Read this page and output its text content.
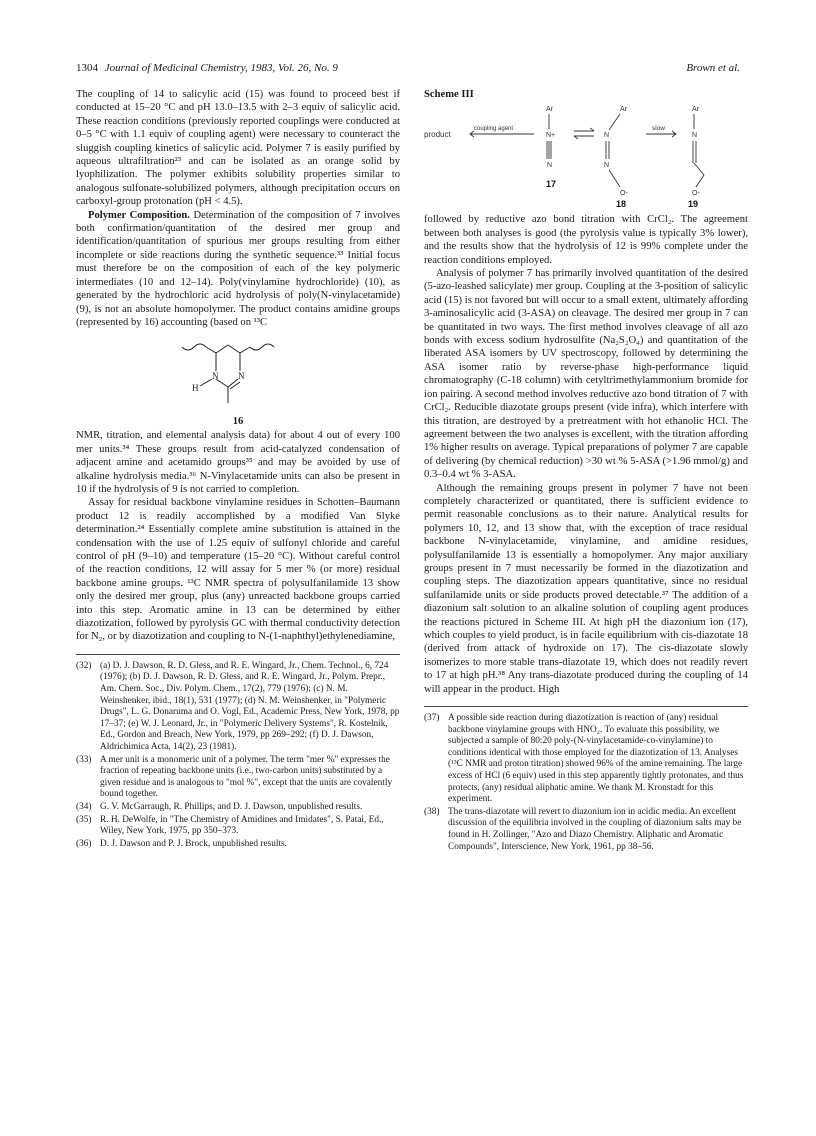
1304 Journal of Medicinal Chemistry, 1983, Vol. 26, No. 9	Brown et al.

The coupling of 14 to salicylic acid (15) was found to proceed best if conducted at 15–20 °C and pH 13.0–13.5 with 2–3 equiv of salicylic acid. These reaction conditions (previously reported couplings were conducted at 0–5 °C with 1.1 equiv of coupling agent) were necessary to counteract the sluggish coupling kinetics of salicylic acid. Polymer 7 is easily purified by aqueous ultrafiltration²³ and can be isolated as an orange solid by lyophilization. The polymer exhibits solubility properties similar to analogous sulfonate-solubilized polymers, although precipitation occurs on carboxyl-group protonation (pH < 4.5).

Polymer Composition. Determination of the composition of 7 involves both confirmation/quantitation of the desired mer group and identification/quantitation of spurious mer groups resulting from either incomplete or side reactions during the synthetic sequence.³³ Initial focus must therefore be on the composition of each of the key polymeric intermediates (10 and 12–14). Poly(vinylamine hydrochloride) (10), as generated by the hydrochloric acid hydrolysis of poly(N-vinylacetamide) (9), is not an absolute homopolymer. The product contains amidine groups (represented by 16) accounting (based on ¹³C

N N
H
16

NMR, titration, and elemental analysis data) for about 4 out of every 100 mer units.³⁴ These groups result from acid-catalyzed condensation of adjacent amine and acetamido groups³⁵ and may be avoided by use of alkaline hydrolysis media.³⁶ N-Vinylacetamide units can also be present in 10 if the hydrolysis of 9 is not carried to completion.

Assay for residual backbone vinylamine residues in Schotten–Baumann product 12 is readily accomplished by a modified Van Slyke determination.²⁴ Essentially complete amine substitution is attained in the condensation with the use of 1.25 equiv of sulfonyl chloride and careful control of pH (9–10) and temperature (15–20 °C). Without careful control of the reaction conditions, 12 will assay for 5 mer % (or more) residual backbone amine groups. ¹³C NMR spectra of polysulfanilamide 13 show only the desired mer group, plus (any) unreacted backbone groups carried into this step. Aromatic amine in 13 can be determined by either diazotization, followed by pyrolysis GC with thermal conductivity detection for N₂, or by diazotization and coupling to N-(1-naphthyl)ethylenediamine,

(32) (a) D. J. Dawson, R. D. Gless, and R. E. Wingard, Jr., Chem. Technol., 6, 724 (1976); (b) D. J. Dawson, R. D. Gless, and R. E. Wingard, Jr., Polym. Prepr., Am. Chem. Soc., Div. Polym. Chem., 17(2), 779 (1976); (c) N. M. Weinshenker, ibid., 18(1), 531 (1977); (d) N. M. Weinshenker, in "Polymeric Drugs", L. G. Donaruma and O. Vogl, Ed., Academic Press, New York, 1978, pp 17–37; (e) W. J. Leonard, Jr., in "Polymeric Delivery Systems", R. Kostelnik, Ed., Gordon and Breach, New York, 1979, pp 269–292; (f) D. J. Dawson, Aldrichimica Acta, 14(2), 23 (1981).
(33) A mer unit is a monomeric unit of a polymer. The term "mer %" expresses the fraction of repeating backbone units (i.e., two-carbon units) substituted by a given residue and is analogous to "mol %", except that the units are covalently bound together.
(34) G. V. McGarraugh, R. Phillips, and D. J. Dawson, unpublished results.
(35) R. H. DeWolfe, in "The Chemistry of Amidines and Imidates", S. Patai, Ed., Wiley, New York, 1975, pp 350–373.
(36) D. J. Dawson and P. J. Brock, unpublished results.
Scheme III
product
coupling agent	slow
Ar
N+
N
Ar
N
N
O-
Ar
N
O-
17
18	19

followed by reductive azo bond titration with CrCl₂. The agreement between both analyses is good (the pyrolysis value is typically 3% lower), and the results show that the hydrolysis of 12 is 99% complete under the reaction conditions employed.

Analysis of polymer 7 has primarily involved quantitation of the desired (5-azo-leashed salicylate) mer group. Coupling at the 3-position of salicylic acid (15) is not favored but will occur to a small extent, ultimately affording 3-aminosalicylic acid (3-ASA) on cleavage. The desired mer group in 7 can be quantitated in two ways. The first method involves cleavage of all azo bonds with excess sodium hydrosulfite (Na₂S₂O₄) and quantitation of the liberated ASA isomers by UV spectroscopy, followed by determining the ASA isomer ratio by reverse-phase high-performance liquid chromatography (C-18 column) with cetyltrimethylammonium bromide for ion pairing. A second method involves reductive azo bond titration of 7 with CrCl₂. Reducible diazotate groups present (vide infra), which interfere with this titration, are destroyed by a pretreatment with hot ethanolic HCl. The agreement between the two analyses is excellent, with the titration affording 1% higher results on average. Typical preparations of polymer 7 are capable of delivering (by chemical reduction) >30 wt % 5-ASA (>1.96 mmol/g) and 0.3–0.4 wt % 3-ASA.

Although the remaining groups present in polymer 7 have not been completely characterized or quantitated, there is sufficient evidence to permit reasonable conclusions as to their nature. Analytical results for polymers 10, 12, and 13 show that, with the exception of trace residual backbone N-vinylacetamide, vinylamine, and amidine residues, polysulfanilamide 13 is essentially a homopolymer. Any major auxiliary groups present in 7 must necessarily be formed in the diazotization and coupling steps. The diazotization appears quantitative, since no residual sulfanilamide units or side products proved detectable.³⁷ The addition of a diazonium salt solution to an alkaline solution of coupling agent produces the reactions pictured in Scheme III. At high pH the diazonium ion (17), which couples to yield product, is in facile equilibrium with cis-diazotate 18 (derived from attack of hydroxide on 17). The cis-diazotate slowly isomerizes to more stable trans-diazotate 19, which does not readily revert to 17 at high pH.³⁸ Any trans-diazotate produced during the coupling of 14 will appear in the product. High

(37) A possible side reaction during diazotization is reaction of (any) residual backbone vinylamine groups with HNO₂. To evaluate this possibility, we subjected a sample of 80:20 poly-(N-vinylacetamide-co-vinylamine) to conditions identical with those employed for the diazotization of 13. Analyses (¹³C NMR and proton titration) showed 96% of the amine remaining. The large excess of HCl (6 equiv) used in this step apparently tightly protonates, and thus protects, (any) residual aliphatic amine. We thank M. Kronstadt for this experiment.
(38) The trans-diazotate will revert to diazonium ion in acidic media. An excellent discussion of the equilibria involved in the coupling of diazonium salts may be found in H. Zollinger, "Azo and Diazo Chemistry. Aliphatic and Aromatic Compounds", Interscience, New York, 1961, pp 38–56.
